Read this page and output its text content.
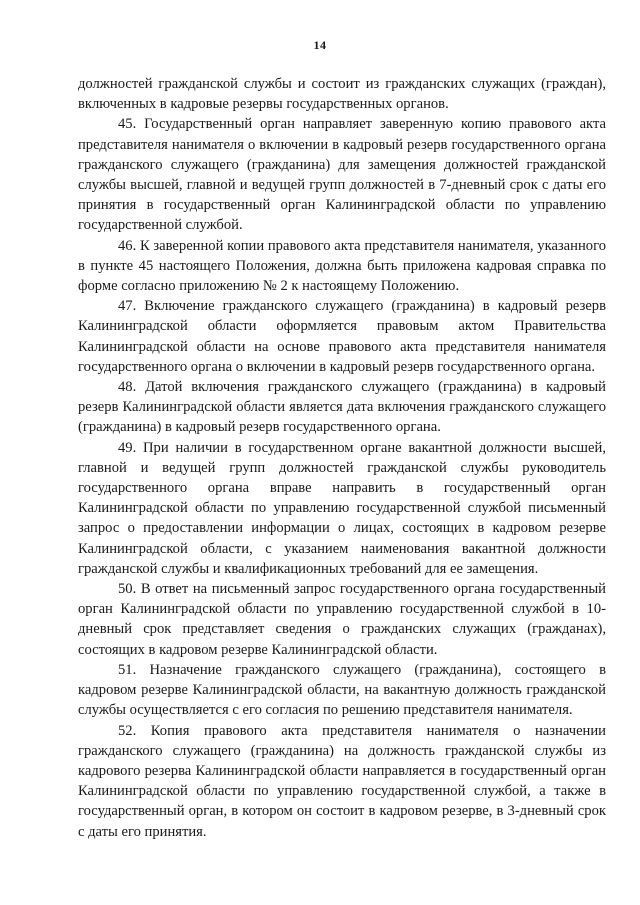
14

должностей гражданской службы и состоит из гражданских служащих (граждан), включенных в кадровые резервы государственных органов.

45. Государственный орган направляет заверенную копию правового акта представителя нанимателя о включении в кадровый резерв государственного органа гражданского служащего (гражданина) для замещения должностей гражданской службы высшей, главной и ведущей групп должностей в 7-дневный срок с даты его принятия в государственный орган Калининградской области по управлению государственной службой.

46. К заверенной копии правового акта представителя нанимателя, указанного в пункте 45 настоящего Положения, должна быть приложена кадровая справка по форме согласно приложению № 2 к настоящему Положению.

47. Включение гражданского служащего (гражданина) в кадровый резерв Калининградской области оформляется правовым актом Правительства Калининградской области на основе правового акта представителя нанимателя государственного органа о включении в кадровый резерв государственного органа.

48. Датой включения гражданского служащего (гражданина) в кадровый резерв Калининградской области является дата включения гражданского служащего (гражданина) в кадровый резерв государственного органа.

49. При наличии в государственном органе вакантной должности высшей, главной и ведущей групп должностей гражданской службы руководитель государственного органа вправе направить в государственный орган Калининградской области по управлению государственной службой письменный запрос о предоставлении информации о лицах, состоящих в кадровом резерве Калининградской области, с указанием наименования вакантной должности гражданской службы и квалификационных требований для ее замещения.

50. В ответ на письменный запрос государственного органа государственный орган Калининградской области по управлению государственной службой в 10-дневный срок представляет сведения о гражданских служащих (гражданах), состоящих в кадровом резерве Калининградской области.

51. Назначение гражданского служащего (гражданина), состоящего в кадровом резерве Калининградской области, на вакантную должность гражданской службы осуществляется с его согласия по решению представителя нанимателя.

52. Копия правового акта представителя нанимателя о назначении гражданского служащего (гражданина) на должность гражданской службы из кадрового резерва Калининградской области направляется в государственный орган Калининградской области по управлению государственной службой, а также в государственный орган, в котором он состоит в кадровом резерве, в 3-дневный срок с даты его принятия.
